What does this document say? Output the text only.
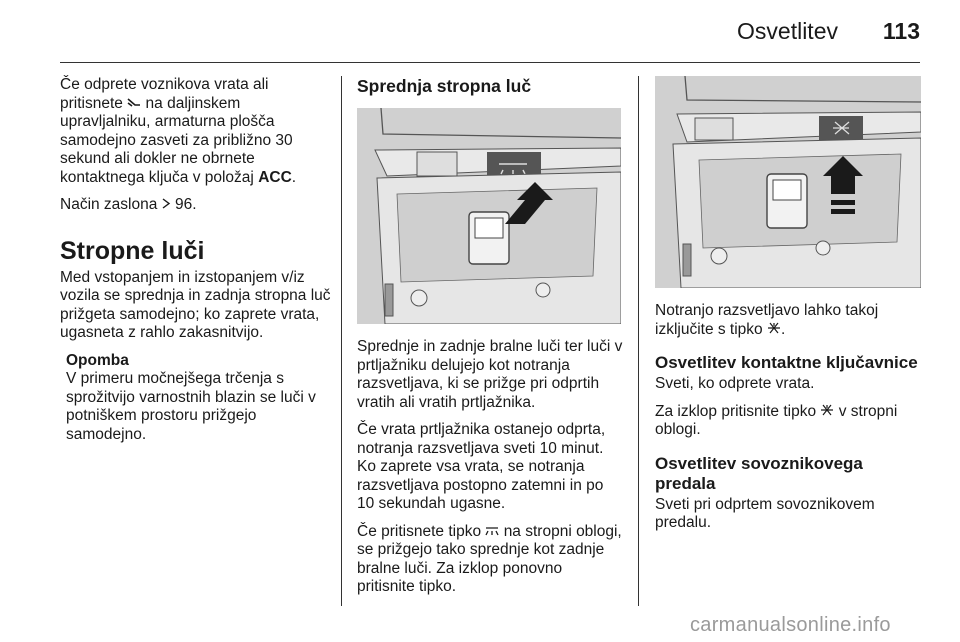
Osvetlitev 113

Če odprete voznikova vrata ali pritisnete na daljinskem upravljalniku, armaturna plošča samodejno zasveti za približno 30 sekund ali dokler ne obrnete kontaktnega ključa v položaj ACC.

Način zaslona 96.

Stropne luči

Med vstopanjem in izstopanjem v/iz vozila se sprednja in zadnja stropna luč prižgeta samodejno; ko zaprete vrata, ugasneta z rahlo zakasnitvijo.

Opomba
V primeru močnejšega trčenja s sprožitvijo varnostnih blazin se luči v potniškem prostoru prižgejo samodejno.
Sprednja stropna luč

Sprednje in zadnje bralne luči ter luči v prtljažniku delujejo kot notranja razsvetljava, ki se prižge pri odprtih vratih ali vratih prtljažnika.

Če vrata prtljažnika ostanejo odprta, notranja razsvetljava sveti 10 minut. Ko zaprete vsa vrata, se notranja razsvetljava postopno zatemni in po 10 sekundah ugasne.

Če pritisnete tipko na stropni oblogi, se prižgejo tako sprednje kot zadnje bralne luči. Za izklop ponovno pritisnite tipko.

Notranjo razsvetljavo lahko takoj izključite s tipko .

Osvetlitev kontaktne ključavnice

Sveti, ko odprete vrata.

Za izklop pritisnite tipko v stropni oblogi.

Osvetlitev sovoznikovega predala

Sveti pri odprtem sovoznikovem predalu.

carmanualsonline.info
